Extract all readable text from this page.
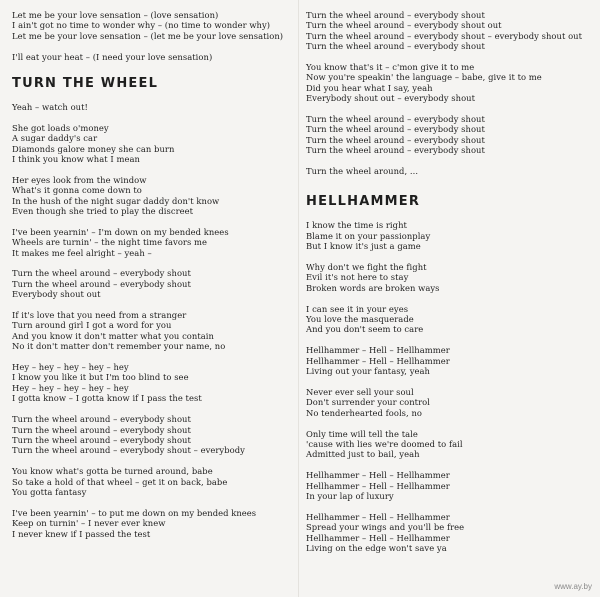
Let me be your love sensation – (love sensation)
I ain't got no time to wonder why – (no time to wonder why)
Let me be your love sensation – (let me be your love sensation)
I'll eat your heat – (I need your love sensation)
TURN THE WHEEL
Yeah – watch out!
She got loads o'money
A sugar daddy's car
Diamonds galore money she can burn
I think you know what I mean
Her eyes look from the window
What's it gonna come down to
In the hush of the night sugar daddy don't know
Even though she tried to play the discreet
I've been yearnin' – I'm down on my bended knees
Wheels are turnin' – the night time favors me
It makes me feel alright – yeah –
Turn the wheel around – everybody shout
Turn the wheel around – everybody shout
Everybody shout out
If it's love that you need from a stranger
Turn around girl I got a word for you
And you know it don't matter what you contain
No it don't matter don't remember your name, no
Hey – hey – hey – hey – hey
I know you like it but I'm too blind to see
Hey – hey – hey – hey – hey
I gotta know – I gotta know if I pass the test
Turn the wheel around – everybody shout
Turn the wheel around – everybody shout
Turn the wheel around – everybody shout
Turn the wheel around – everybody shout – everybody
You know what's gotta be turned around, babe
So take a hold of that wheel – get it on back, babe
You gotta fantasy
I've been yearnin' – to put me down on my bended knees
Keep on turnin' – I never ever knew
I never knew if I passed the test
Turn the wheel around – everybody shout
Turn the wheel around – everybody shout out
Turn the wheel around – everybody shout – everybody shout out
Turn the wheel around – everybody shout
You know that's it – c'mon give it to me
Now you're speakin' the language – babe, give it to me
Did you hear what I say, yeah
Everybody shout out – everybody shout
Turn the wheel around – everybody shout
Turn the wheel around – everybody shout
Turn the wheel around – everybody shout
Turn the wheel around – everybody shout
Turn the wheel around, ...
HELLHAMMER
I know the time is right
Blame it on your passionplay
But I know it's just a game
Why don't we fight the fight
Evil it's not here to stay
Broken words are broken ways
I can see it in your eyes
You love the masquerade
And you don't seem to care
Hellhammer – Hell – Hellhammer
Hellhammer – Hell – Hellhammer
Living out your fantasy, yeah
Never ever sell your soul
Don't surrender your control
No tenderhearted fools, no
Only time will tell the tale
'cause with lies we're doomed to fail
Admitted just to bail, yeah
Hellhammer – Hell – Hellhammer
Hellhammer – Hell – Hellhammer
In your lap of luxury
Hellhammer – Hell – Hellhammer
Spread your wings and you'll be free
Hellhammer – Hell – Hellhammer
Living on the edge won't save ya
www.ay.by
